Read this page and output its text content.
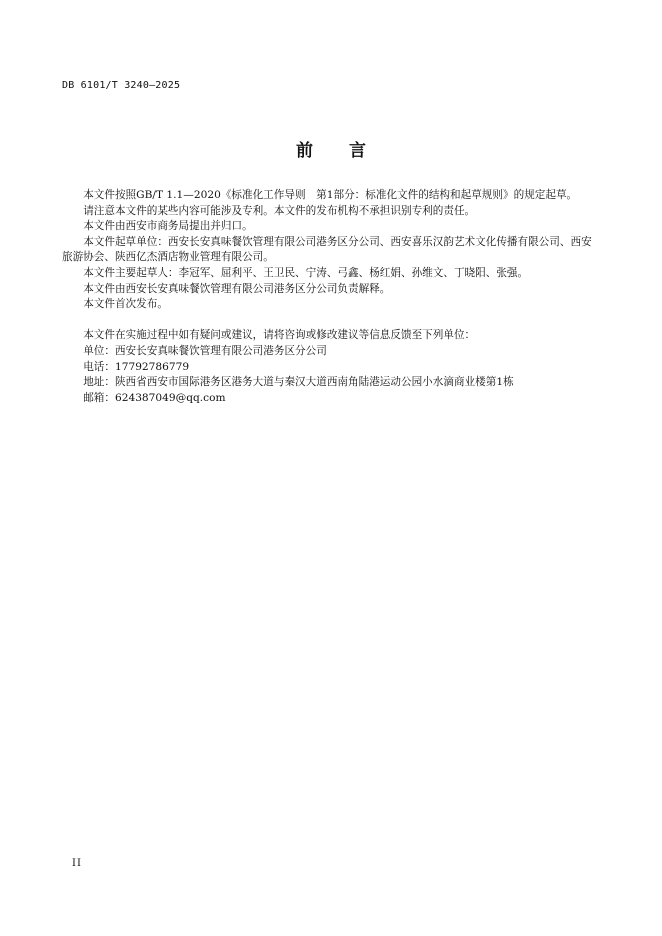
DB 6101/T 3240—2025
前言

本文件按照GB/T 1.1—2020《标准化工作导则　第1部分：标准化文件的结构和起草规则》的规定起草。

请注意本文件的某些内容可能涉及专利。本文件的发布机构不承担识别专利的责任。

本文件由西安市商务局提出并归口。

本文件起草单位：西安长安真味餐饮管理有限公司港务区分公司、西安喜乐汉韵艺术文化传播有限公司、西安旅游协会、陕西亿杰酒店物业管理有限公司。

本文件主要起草人：李冠军、屈利平、王卫民、宁涛、弓鑫、杨红娟、孙维文、丁晓阳、张强。

本文件由西安长安真味餐饮管理有限公司港务区分公司负责解释。

本文件首次发布。

本文件在实施过程中如有疑问或建议，请将咨询或修改建议等信息反馈至下列单位：

单位：西安长安真味餐饮管理有限公司港务区分公司

电话：17792786779

地址：陕西省西安市国际港务区港务大道与秦汉大道西南角陆港运动公园小水滴商业楼第1栋

邮箱：624387049@qq.com

II
